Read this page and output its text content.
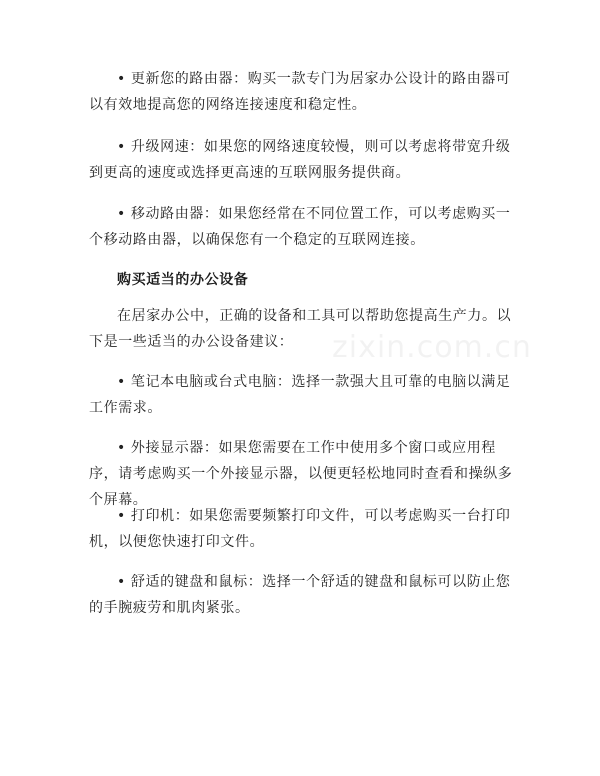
• 更新您的路由器：购买一款专门为居家办公设计的路由器可以有效地提高您的网络连接速度和稳定性。

• 升级网速：如果您的网络速度较慢，则可以考虑将带宽升级到更高的速度或选择更高速的互联网服务提供商。

• 移动路由器：如果您经常在不同位置工作，可以考虑购买一个移动路由器，以确保您有一个稳定的互联网连接。

购买适当的办公设备

在居家办公中，正确的设备和工具可以帮助您提高生产力。以下是一些适当的办公设备建议：

• 笔记本电脑或台式电脑：选择一款强大且可靠的电脑以满足工作需求。

• 外接显示器：如果您需要在工作中使用多个窗口或应用程序，请考虑购买一个外接显示器，以便更轻松地同时查看和操纵多个屏幕。

• 打印机：如果您需要频繁打印文件，可以考虑购买一台打印机，以便您快速打印文件。

• 舒适的键盘和鼠标：选择一个舒适的键盘和鼠标可以防止您的手腕疲劳和肌肉紧张。

zixin.com.cn
